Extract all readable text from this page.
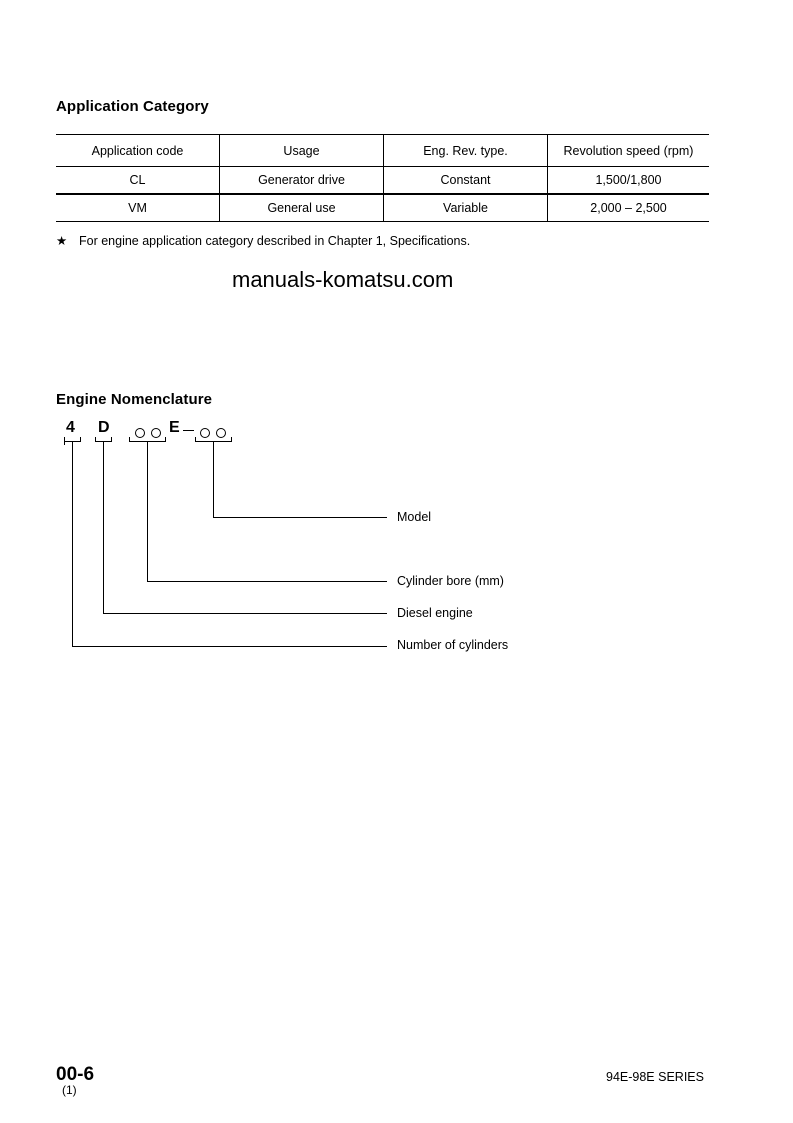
Application Category
Application code	Usage	Eng. Rev. type.	Revolution speed (rpm)
CL	Generator drive	Constant	1,500/1,800
VM	General use	Variable	2,000 – 2,500
★ For engine application category described in Chapter 1, Specifications.
manuals-komatsu.com
Engine Nomenclature
4 D	E
Model
Cylinder bore (mm)
Diesel engine
Number of cylinders
00-6
(1)
94E-98E SERIES
